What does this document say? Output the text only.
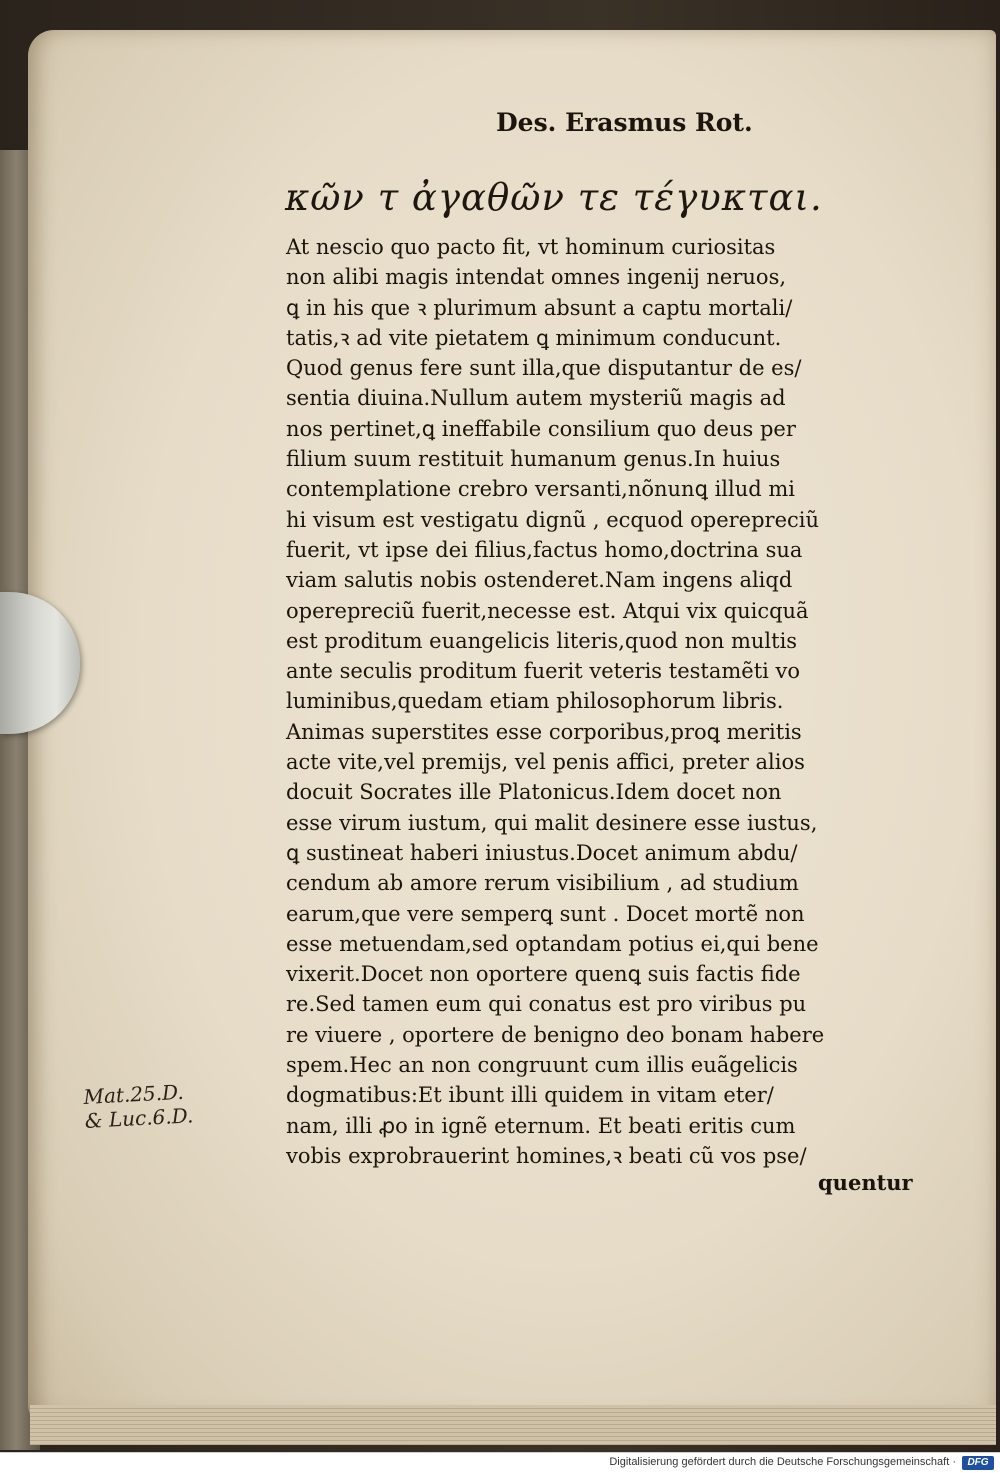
Des. Erasmus Rot.
κῶν τ ἀγαθῶν τε τέγυκται.
At nescio quo pacto fit, vt hominum curiositas
non alibi magis intendat omnes ingenij neruos,
ꝗ in his que ꝛ plurimum absunt a captu mortali/
tatis,ꝛ ad vite pietatem ꝗ minimum conducunt.
Quod genus fere sunt illa,que disputantur de es/
sentia diuina.Nullum autem mysteriũ magis ad
nos pertinet,ꝗ ineffabile consilium quo deus per
filium suum restituit humanum genus.In huius
contemplatione crebro versanti,nõnunꝗ illud mi
hi visum est vestigatu dignũ , ecquod operepreciũ
fuerit, vt ipse dei filius,factus homo,doctrina sua
viam salutis nobis ostenderet.Nam ingens aliqd
operepreciũ fuerit,necesse est. Atqui vix quicquã
est proditum euangelicis literis,quod non multis
ante seculis proditum fuerit veteris testamẽti vo
luminibus,quedam etiam philosophorum libris.
Animas superstites esse corporibus,proꝗ meritis
acte vite,vel premijs, vel penis affici, preter alios
docuit Socrates ille Platonicus.Idem docet non
esse virum iustum, qui malit desinere esse iustus,
ꝗ sustineat haberi iniustus.Docet animum abdu/
cendum ab amore rerum visibilium , ad studium
earum,que vere semperꝗ sunt . Docet mortẽ non
esse metuendam,sed optandam potius ei,qui bene
vixerit.Docet non oportere quenꝗ suis factis fide
re.Sed tamen eum qui conatus est pro viribus pu
re viuere , oportere de benigno deo bonam habere
spem.Hec an non congruunt cum illis euãgelicis
dogmatibus:Et ibunt illi quidem in vitam eter/
nam, illi ꝓo in ignẽ eternum. Et beati eritis cum
vobis exprobrauerint homines,ꝛ beati cũ vos pse/
quentur
Mat.25.D.
& Luc.6.D.
Digitalisierung gefördert durch die Deutsche Forschungsgemeinschaft ·	DFG
